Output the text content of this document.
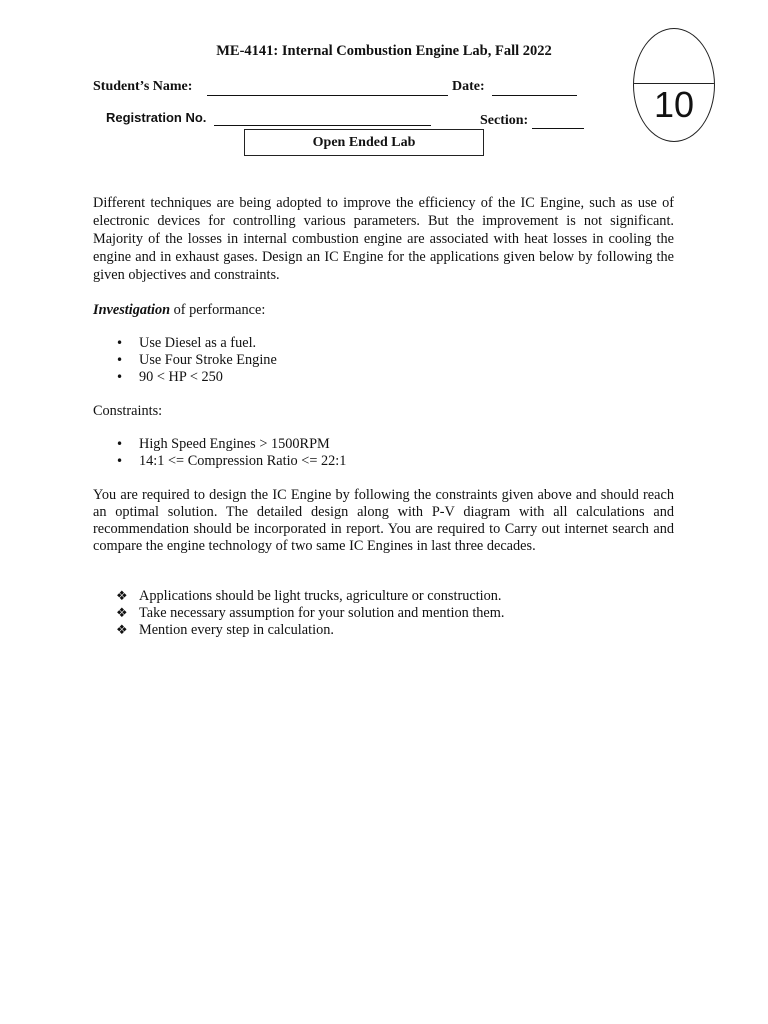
ME-4141: Internal Combustion Engine Lab, Fall 2022
10
Student’s Name:	Date:
Registration No.	Section:
Open Ended Lab

Different techniques are being adopted to improve the efficiency of the IC Engine, such as use of electronic devices for controlling various parameters. But the improvement is not significant. Majority of the losses in internal combustion engine are associated with heat losses in cooling the engine and in exhaust gases. Design an IC Engine for the applications given below by following the given objectives and constraints.

Investigation of performance:
•	Use Diesel as a fuel.
•	Use Four Stroke Engine
•	90 < HP < 250
Constraints:
•	High Speed Engines > 1500RPM
•	14:1 <= Compression Ratio <= 22:1

You are required to design the IC Engine by following the constraints given above and should reach an optimal solution. The detailed design along with P-V diagram with all calculations and recommendation should be incorporated in report. You are required to Carry out internet search and compare the engine technology of two same IC Engines in last three decades.

❖ Applications should be light trucks, agriculture or construction.
❖ Take necessary assumption for your solution and mention them.
❖ Mention every step in calculation.
